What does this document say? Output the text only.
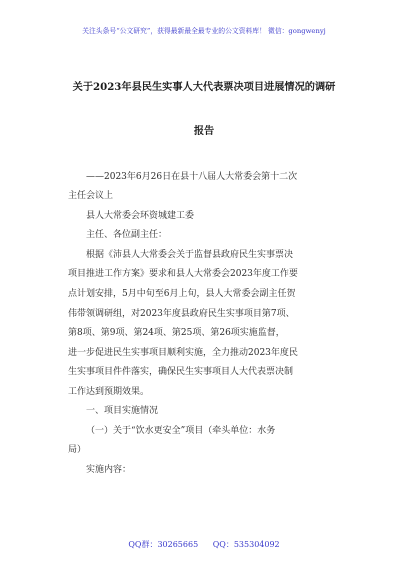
关注头条号“公文研究”，获得最新最全最专业的公文资料库！ 微信：gongwenyj
关于2023年县民生实事人大代表票决项目进展情况的调研
报告
——2023年6月26日在县十八届人大常委会第十二次
主任会议上
县人大常委会环资城建工委
主任、各位副主任：
根据《沛县人大常委会关于监督县政府民生实事票决
项目推进工作方案》要求和县人大常委会2023年度工作要
点计划安排，5月中旬至6月上旬，县人大常委会副主任贺
伟带领调研组，对2023年度县政府民生实事项目第7项、
第8项、第9项、第24项、第25项、第26项实施监督，
进一步促进民生实事项目顺利实施，全力推动2023年度民
生实事项目件件落实，确保民生实事项目人大代表票决制
工作达到预期效果。
一、项目实施情况
（一）关于“饮水更安全”项目（牵头单位：水务
局）
实施内容：
QQ群：30265665 QQ：535304092
